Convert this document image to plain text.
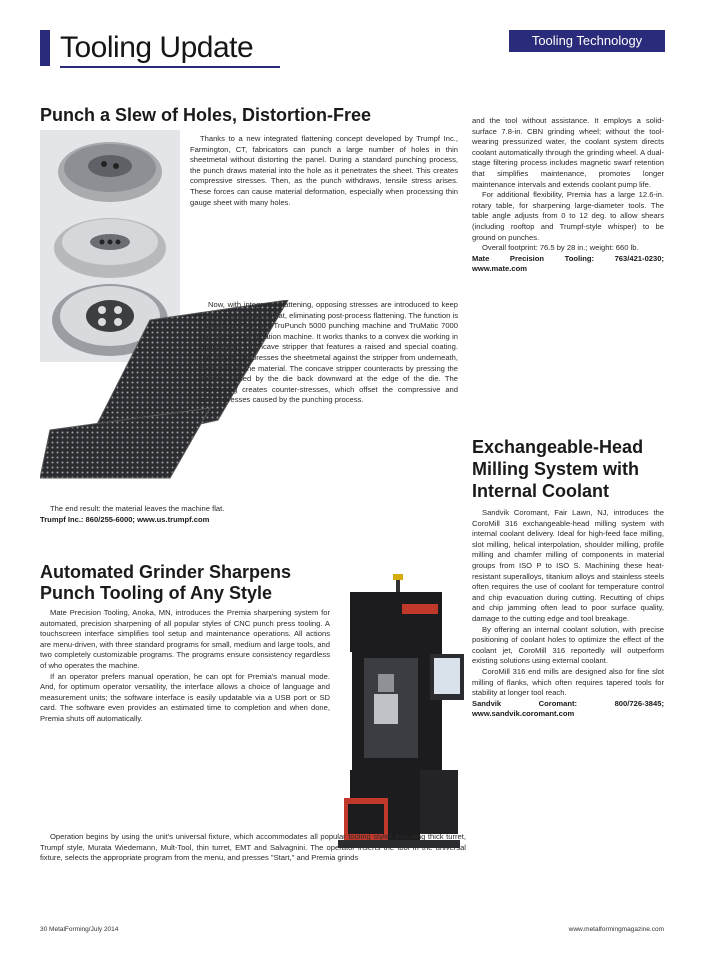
Tooling Update	Tooling Technology
Punch a Slew of Holes, Distortion-Free

Thanks to a new integrated flattening concept developed by Trumpf Inc., Farmington, CT, fabricators can punch a large number of holes in thin sheetmetal without distorting the panel. During a standard punching process, the punch draws material into the hole as it penetrates the sheet. This creates compressive stresses. Then, as the punch withdraws, tensile stress arises. These forces can cause material deformation, especially when processing thin gauge sheet with many holes.

Now, with integrated flattening, opposing stresses are introduced to keep the sheetmetal panels flat, eliminating post-process flattening. The function is available on Trumpf's TruPunch 5000 punching machine and TruMatic 7000 punch-laser combination machine. It works thanks to a convex die working in tandem with a concave stripper that features a raised and special coating. The convex die presses the sheetmetal against the stripper from underneath, to counteract the material. The concave stripper counteracts by pressing the material closed by the die back downward at the edge of the die. The overlapping creates counter-stresses, which offset the compressive and tensile stresses caused by the punching process.

The end result: the material leaves the machine flat.

Trumpf Inc.: 860/255-6000; www.us.trumpf.com

Automated Grinder Sharpens Punch Tooling of Any Style

Mate Precision Tooling, Anoka, MN, introduces the Premia sharpening system for automated, precision sharpening of all popular styles of CNC punch press tooling. A touchscreen interface simplifies tool setup and maintenance operations. All actions are menu-driven, with three standard programs for small, medium and large tools, and two completely customizable programs. The programs ensure consistency regardless of who operates the machine.

If an operator prefers manual operation, he can opt for Premia's manual mode. And, for optimum operator versatility, the interface allows a choice of language and measurement units; the software interface is easily updatable via a USB port or SD card. The software even provides an estimated time to completion and when done, Premia shuts off automatically.

Operation begins by using the unit's universal fixture, which accommodates all popular tooling styles including thick turret, Trumpf style, Murata Wiedemann, Mult-Tool, thin turret, EMT and Salvagnini. The operator inserts the tool in the universal fixture, selects the appropriate program from the menu, and presses "Start," and Premia grinds

and the tool without assistance. It employs a solid-surface 7.8-in. CBN grinding wheel; without the tool-wearing pressurized water, the coolant system directs coolant automatically through the grinding wheel. A dual-stage filtering process includes magnetic swarf retention that simplifies maintenance, promotes longer maintenance intervals and extends coolant pump life.

For additional flexibility, Premia has a large 12.6-in. rotary table, for sharpening large-diameter tools. The table angle adjusts from 0 to 12 deg. to allow shears (including rooftop and Trumpf-style whisper) to be ground on punches.

Overall footprint: 76.5 by 28 in.; weight: 660 lb.

Mate Precision Tooling: 763/421-0230; www.mate.com

Exchangeable-Head Milling System with Internal Coolant

Sandvik Coromant, Fair Lawn, NJ, introduces the CoroMill 316 exchangeable-head milling system with internal coolant delivery. Ideal for high-feed face milling, slot milling, helical interpolation, shoulder milling, profile milling and chamfer milling of components in material groups from ISO P to ISO S. Machining these heat-resistant superalloys, titanium alloys and stainless steels often requires the use of coolant for temperature control and chip evacuation during cutting. Recutting of chips and chip jamming often lead to poor surface quality, damage to the cutting edge and tool breakage.

By offering an internal coolant solution, with precise positioning of coolant holes to optimize the effect of the coolant jet, CoroMill 316 reportedly will outperform existing solutions using external coolant.

CoroMill 316 end mills are designed also for fine slot milling of flanks, which often requires tapered tools for stability at longer tool reach.

Sandvik Coromant: 800/726-3845; www.sandvik.coromant.com

30 MetalForming/July 2014	www.metalformingmagazine.com
